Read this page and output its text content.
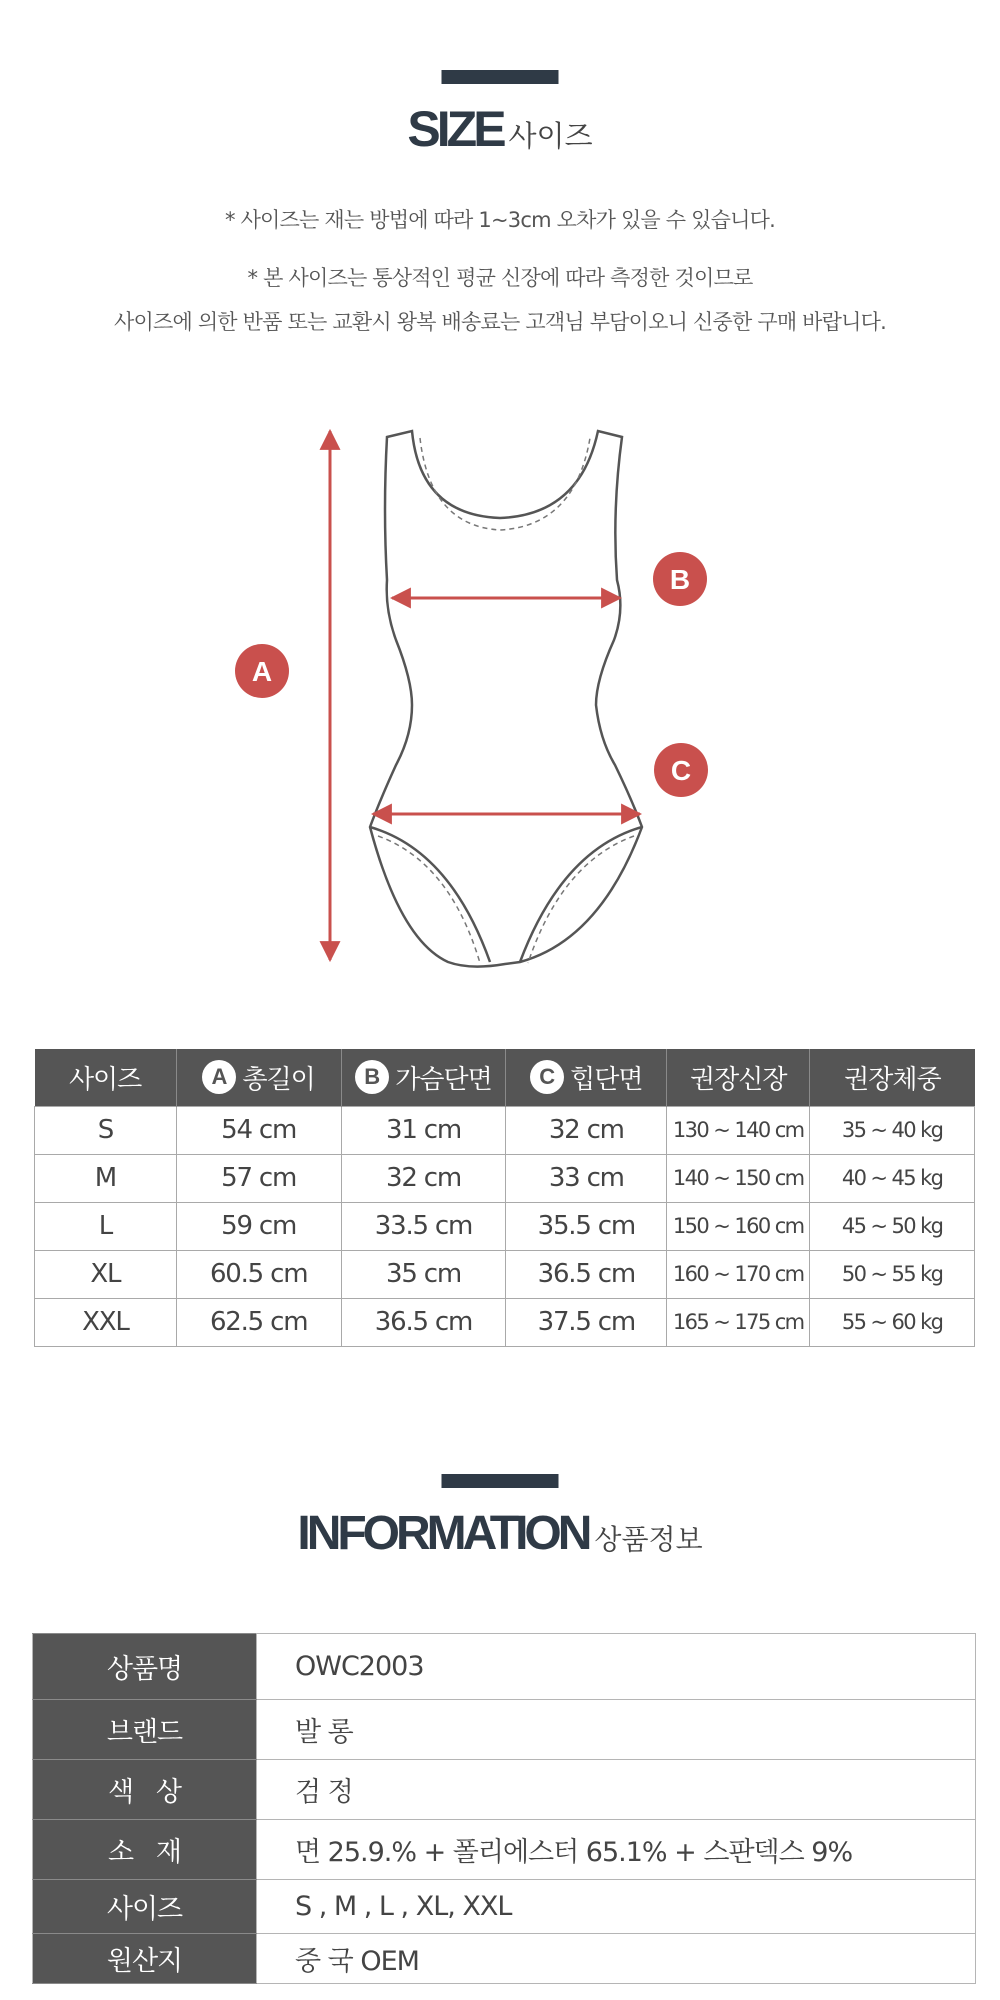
SIZE 사이즈
* 사이즈는 재는 방법에 따라 1~3cm 오차가 있을 수 있습니다.
* 본 사이즈는 통상적인 평균 신장에 따라 측정한 것이므로
사이즈에 의한 반품 또는 교환시 왕복 배송료는 고객님 부담이오니 신중한 구매 바랍니다.
A
B
C
사이즈	A 총길이	B 가슴단면	C 힙단면	권장신장	권장체중
S	54 cm	31 cm	32 cm	130 ~ 140 cm	35 ~ 40 kg
M	57 cm	32 cm	33 cm	140 ~ 150 cm	40 ~ 45 kg
L	59 cm	33.5 cm	35.5 cm	150 ~ 160 cm	45 ~ 50 kg
XL	60.5 cm	35 cm	36.5 cm	160 ~ 170 cm	50 ~ 55 kg
XXL	62.5 cm	36.5 cm	37.5 cm	165 ~ 175 cm	55 ~ 60 kg
INFORMATION 상품정보
상품명	OWC2003
브랜드	발 롱
색   상	검 정
소   재	면 25.9.% + 폴리에스터 65.1% + 스판덱스 9%
사이즈	S , M , L , XL, XXL
원산지	중 국 OEM
